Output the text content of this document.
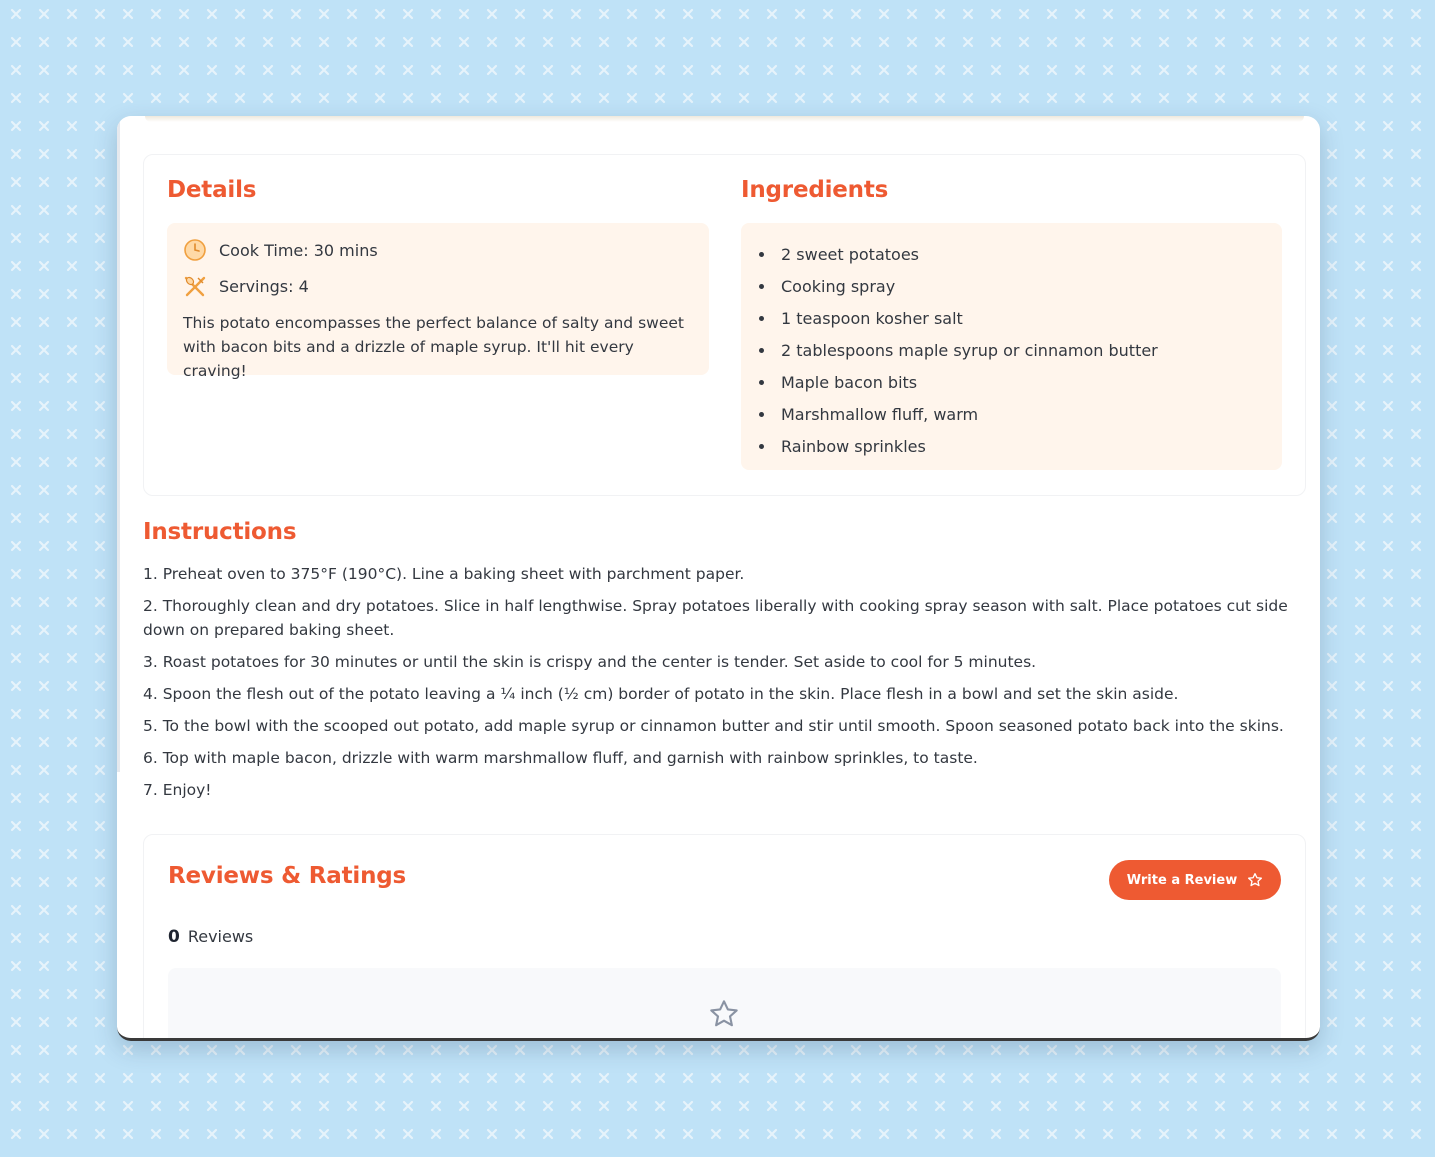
Details
Cook Time: 30 mins
Servings: 4

This potato encompasses the perfect balance of salty and sweet with bacon bits and a drizzle of maple syrup. It'll hit every craving!

Ingredients
2 sweet potatoes
Cooking spray
1 teaspoon kosher salt
2 tablespoons maple syrup or cinnamon butter
Maple bacon bits
Marshmallow fluff, warm
Rainbow sprinkles
Instructions

1. Preheat oven to 375°F (190°C). Line a baking sheet with parchment paper.

2. Thoroughly clean and dry potatoes. Slice in half lengthwise. Spray potatoes liberally with cooking spray season with salt. Place potatoes cut side down on prepared baking sheet.

3. Roast potatoes for 30 minutes or until the skin is crispy and the center is tender. Set aside to cool for 5 minutes.

4. Spoon the flesh out of the potato leaving a ¼ inch (½ cm) border of potato in the skin. Place flesh in a bowl and set the skin aside.

5. To the bowl with the scooped out potato, add maple syrup or cinnamon butter and stir until smooth. Spoon seasoned potato back into the skins.

6. Top with maple bacon, drizzle with warm marshmallow fluff, and garnish with rainbow sprinkles, to taste.

7. Enjoy!

Reviews & Ratings	Write a Review
0 Reviews
